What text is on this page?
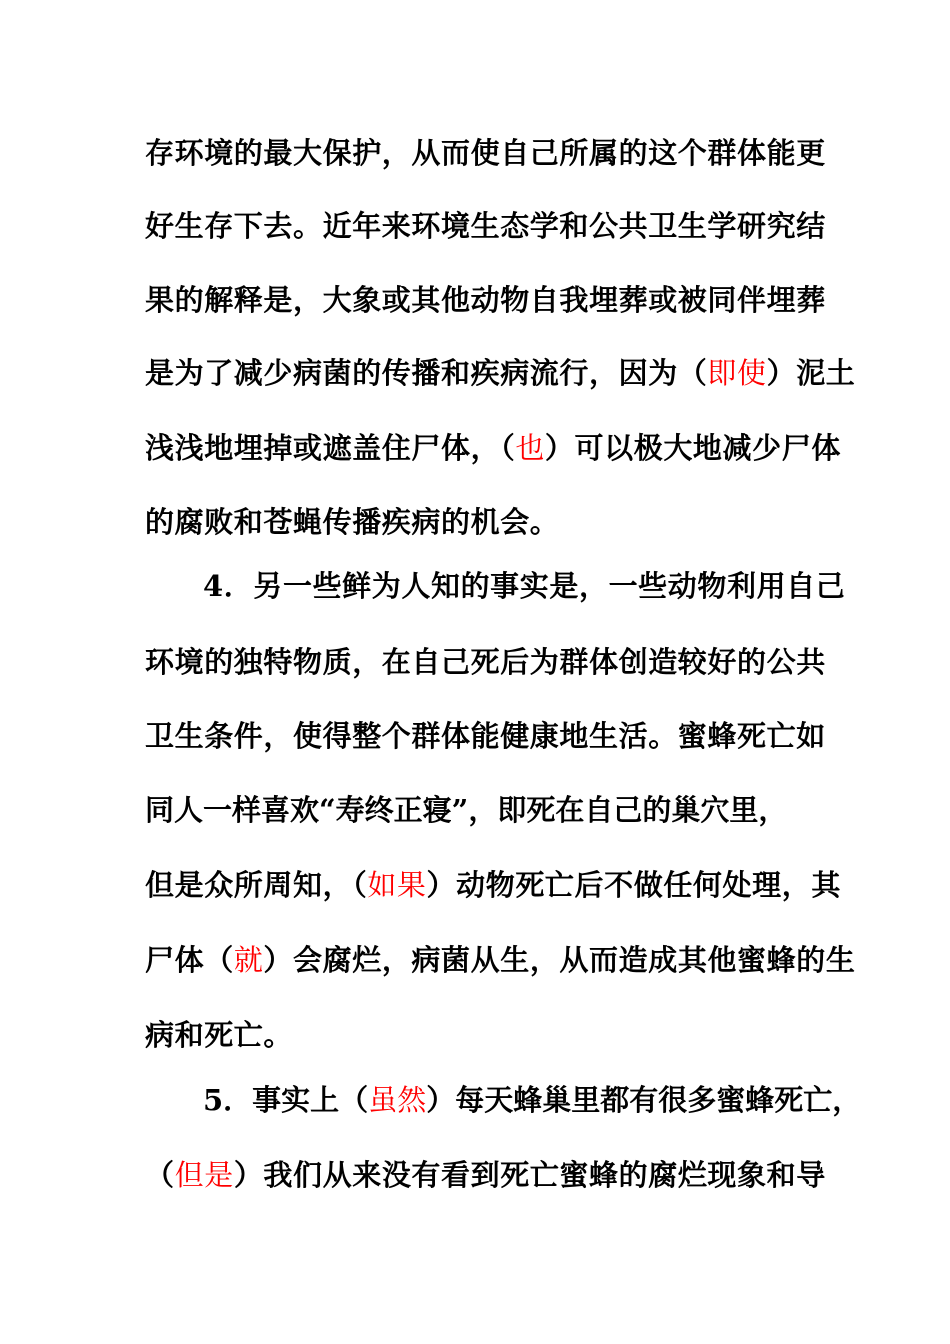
存环境的最大保护，从而使自己所属的这个群体能更
好生存下去。近年来环境生态学和公共卫生学研究结
果的解释是，大象或其他动物自我埋葬或被同伴埋葬
是为了减少病菌的传播和疾病流行，因为（即使）泥土
浅浅地埋掉或遮盖住尸体，（也）可以极大地减少尸体
的腐败和苍蝇传播疾病的机会。
4．另一些鲜为人知的事实是，一些动物利用自己
环境的独特物质，在自己死后为群体创造较好的公共
卫生条件，使得整个群体能健康地生活。蜜蜂死亡如
同人一样喜欢“寿终正寝”，即死在自己的巢穴里，
但是众所周知，（如果）动物死亡后不做任何处理，其
尸体（就）会腐烂，病菌从生，从而造成其他蜜蜂的生
病和死亡。
5．事实上（虽然）每天蜂巢里都有很多蜜蜂死亡，
（但是）我们从来没有看到死亡蜜蜂的腐烂现象和导
